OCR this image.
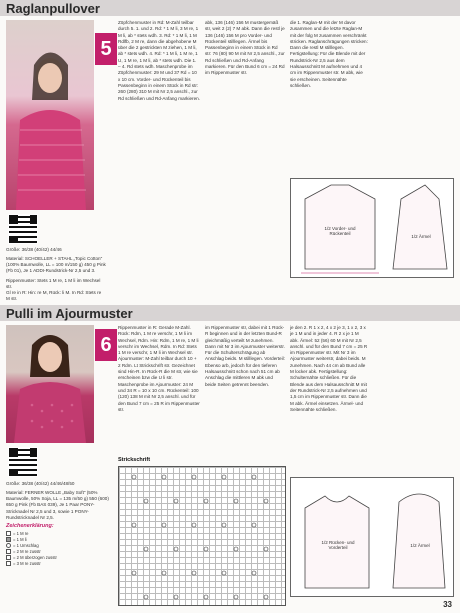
Raglanpullover
5
Größe: 36/38 (40/42) 44/46
Material: SCHOELLER + STAHL „Topic Cotton" (100% Baumwolle, LL = 100 m/150 g) 450 g Pink (Fb 01), Je 1 ADDI-Rundstrick-Nr 2,5 und 3.
Rippenmuster: Stets 1 M re, 1 M li im Wechsel str.
Gl re in R: Hin: re M, Rück: li M. In Rd: Stets re M str.
Zöpfchenmuster in Rd: M-Zahl teilbar durch 5. 1. und 2. Rd: * 1 M li, 3 M re, 1 M li, ab * stets wdh. 3. Rd: * 1 M li, 1 M Rdlfb, 2 M re, dann die abgehobene M über die 2 gestrickten M ziehen, 1 M li, ab * stets wdh. 4. Rd: * 1 M li, 1 M re, 1 U, 1 M re, 1 M li, ab * stets wdh. Die 1. – 4. Rd stets wdh. Maschenprobe im Zöpfchenmuster: 29 M und 37 Rd = 10 x 10 cm. Vorder- und Rückenteil bis Passenbeginn in einem Stück in Rd str: 260 (280) 310 M mit Nr 2,5 anschl., zur Rd schließen und Rd-Anfang markieren.
abk, 136 (146) 156 M mustergemäß str, weit 2 (2) 7 M abk. Dann die restl je 136 (146) 156 M pro Vorder- und Rückenteil stilllegen. Ärmel bis Passenbeginn in einem Stück in Rd str: 76 (80) 90 M mit Nr 2,5 anschl., zur Rd schließen und Rd-Anfang markieren. Für den Bund 6 cm = 24 Rd im Rippenmuster str.
die 1. Raglan-M mit der M davor zusammen und die letzte Raglan-M mit der folg M zusammen verschränkt stricken. Raglanschrägungen stricken: Dann die restl M stilllegen. Fertigstellung: Für die Blende mit der Rundstrick-Nr 2,5 aus dem Halsausschnitt M aufnehmen und 4 cm im Rippenmuster str. M abk, wie sie erscheinen. Seitennähte schließen.
1/2 Vorder- und Rückenteil	1/2 Ärmel
Pulli im Ajourmuster
6
Größe: 36/38 (40/42) 44/46/48/50
Material: FERNER WOLLE „Baby Soft" (50% Baumwolle, 50% Soja, LL = 135 m/50 g) 550 (600) 650 g Pink (Fb BAS 039), Je 1 Paar PONY-Stricknadel Nr 2,5 und 3, sowie 1 PONY-Rundstricknadel Nr 2,5.
Zeichenerklärung:
= 1 M re
= 1 M li
= 1 Umschlag
= 2 M re zusstr
= 2 M überzogen zusstr
= 3 M re zusstr
Rippenmuster in R: Gerade M-Zahl. Rück: Rdm, 1 M re verschr, 1 M li im Wechsel, Rdm. Hin: Rdm, 1 M re, 1 M li verschr im Wechsel, Rdm. In Rd: Stets 1 M re verschr, 1 M li im Wechsel str. Ajourmuster: M-Zahl teilbar durch 10 + 2 Rdm. Lt Strickschrift str. Gezeichnet sind Hin-R. In Rück-R die M str, wie sie erscheinen bzw die U li str. Maschenprobe im Ajourmuster: 24 M und 34 R = 10 x 10 cm. Rückenteil: 100 (120) 138 M mit Nr 2,5 anschl. und für den Bund 7 cm = 25 R im Rippenmuster str.
im Rippenmuster str, dabei mit 1 Rück-R beginnen und in der letzten Bund-R gleichmäßig verteilt M zunehmen. Dann mit Nr 3 im Ajourmuster weiterstr. Für die Schulterschrägung ab Anschlag beids. M stilllegen. Vorderteil: Ebenso arb, jedoch für den tieferen Halsausschnitt schon nach 51 cm ab Anschlag die mittleren M abk und beide Seiten getrennt beenden.
je den 2. R 1 x 2, 4 x 2 je 3, 1 x 2, 3 x je 1 M und in jeder 4. R 2 x je 1 M abk. Ärmel: 52 (56) 60 M mit Nr 2,5 anschl. und für den Bund 7 cm = 25 R im Rippenmuster str. Mit Nr 3 im Ajourmuster weiterstr, dabei beids. M zunehmen. Nach 44 cm ab Bund alle M locker abk. Fertigstellung: Schulternähte schließen. Für die Blende aus dem Halsausschnitt M mit der Rundstrick-Nr 2,5 aufnehmen und 1,5 cm im Rippenmuster str. Dann die M abk. Ärmel einsetzen. Ärmel- und Seitennähte schließen.
Strickschrift
1/2 Rücken- und Vorderteil	1/2 Ärmel
33
